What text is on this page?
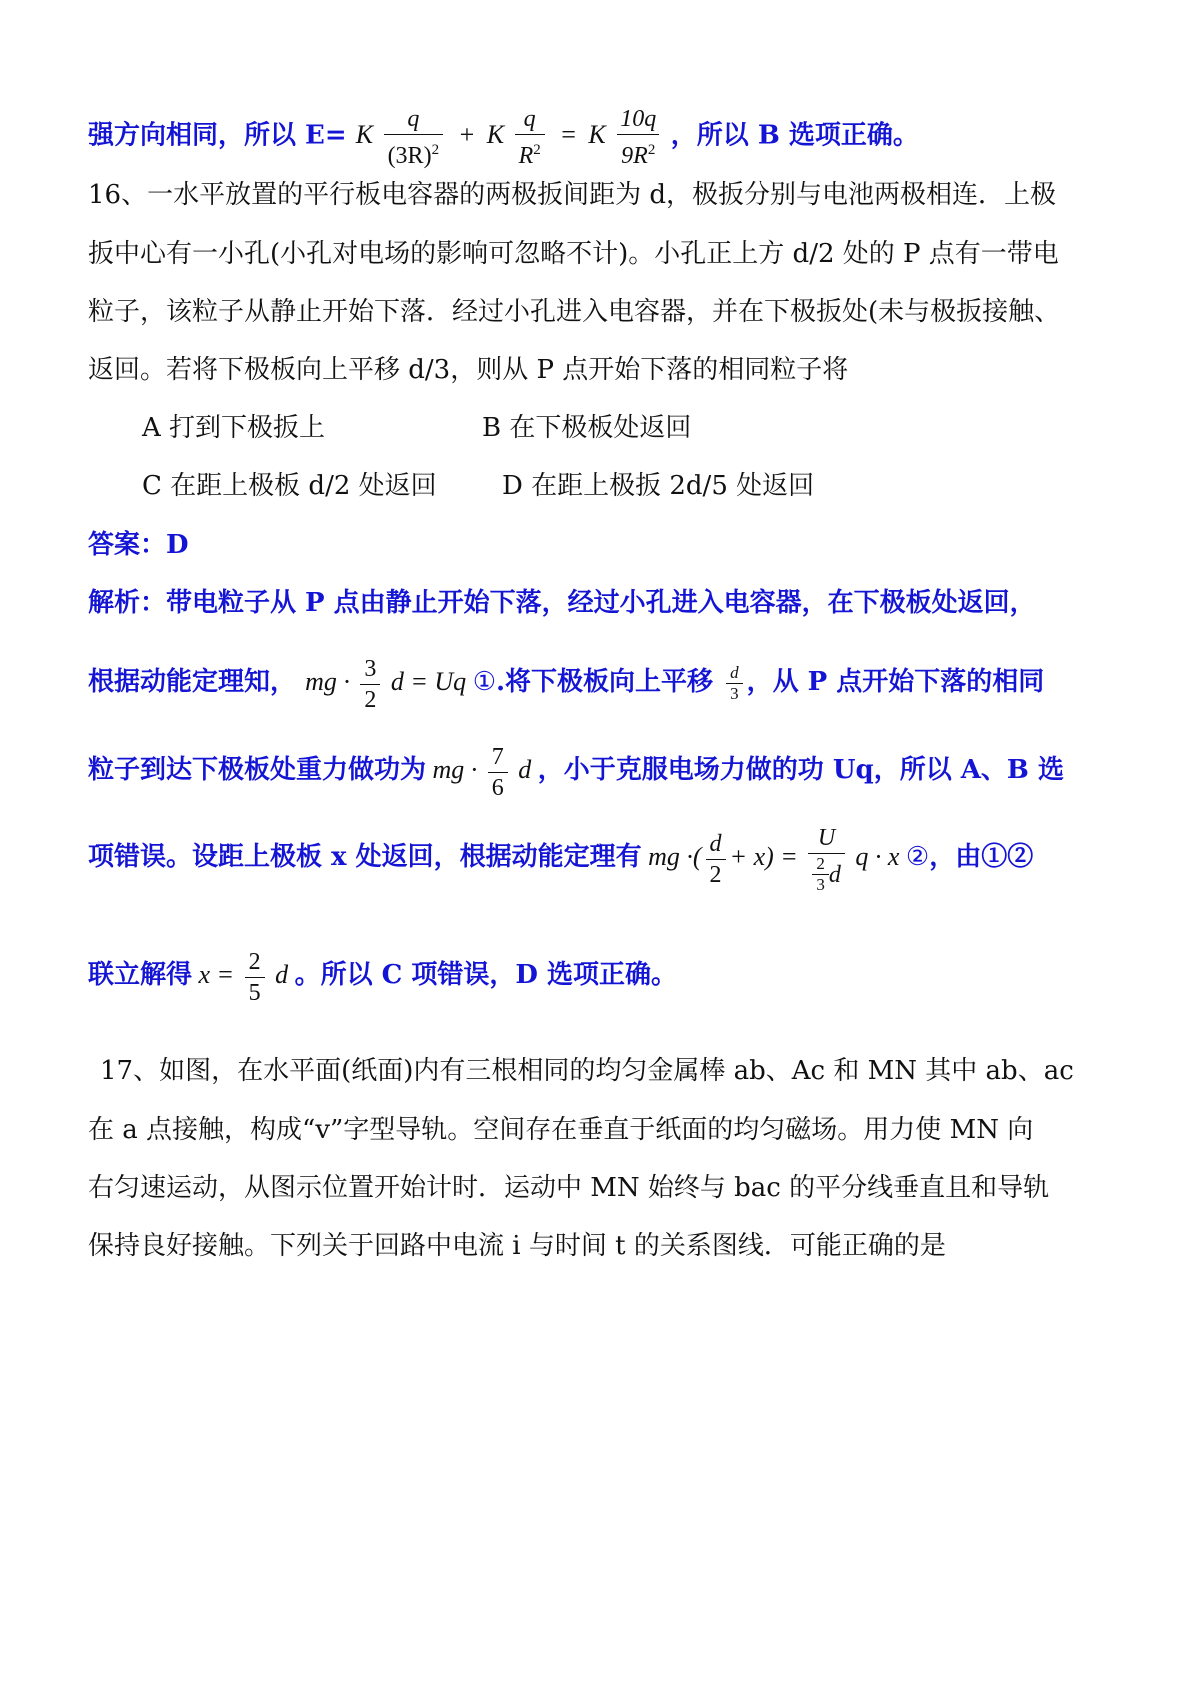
强方向相同，所以 E= K $\frac{q}{(3R)^2} + K \frac{q}{R^2} = K \frac{10q}{9R^2}$ ，所以 B 选项正确。
16、一水平放置的平行板电容器的两极扳间距为 d，极扳分别与电池两极相连．上极
扳中心有一小孔(小孔对电场的影响可忽略不计)。小孔正上方 d/2 处的 P 点有一带电
粒子，该粒子从静止开始下落．经过小孔进入电容器，并在下极扳处(未与极扳接触、
返回。若将下极板向上平移 d/3，则从 P 点开始下落的相同粒子将
A 打到下极扳上	B 在下极板处返回
C 在距上极板 d/2 处返回	D 在距上极扳 2d/5 处返回
答案：D
解析：带电粒子从 P 点由静止开始下落，经过小孔进入电容器，在下极板处返回，
根据动能定理知， mg · $\frac{3}{2}$ d = Uq ①.将下极板向上平移 $\frac{d}{3}$ ，从 P 点开始下落的相同
粒子到达下极板处重力做功为 mg · $\frac{7}{6}$ d ，小于克服电场力做的功 Uq，所以 A、B 选
项错误。设距上极板 x 处返回，根据动能定理有 mg ·( $\frac{d}{2} + x) = \frac{U}{\frac{2}{3} d}$ q · x ②，由①②
联立解得 $x = \frac{2}{5}$ d 。所以 C 项错误，D 选项正确。
17、如图，在水平面(纸面)内有三根相同的均匀金属棒 ab、Ac 和 MN 其中 ab、ac
在 a 点接触，构成“v”字型导轨。空间存在垂直于纸面的均匀磁场。用力使 MN 向
右匀速运动，从图示位置开始计时．运动中 MN 始终与 bac 的平分线垂直且和导轨
保持良好接触。下列关于回路中电流 i 与时间 t 的关系图线．可能正确的是
